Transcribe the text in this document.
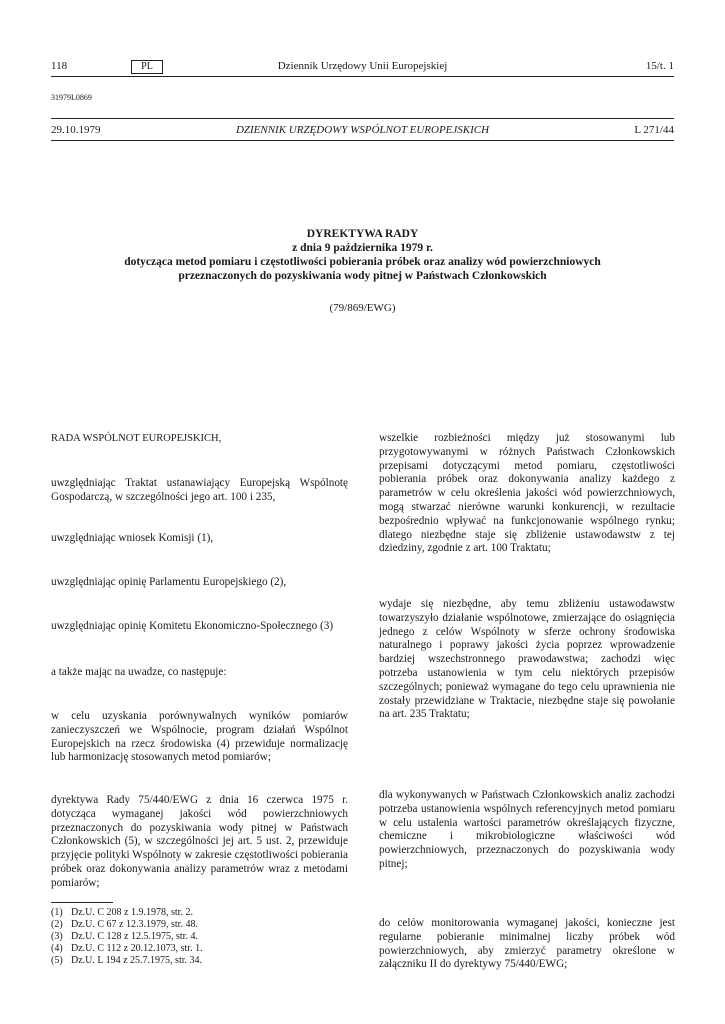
118	PL	Dziennik Urzędowy Unii Europejskiej	15/t. 1
31979L0869
29.10.1979	DZIENNIK URZĘDOWY WSPÓLNOT EUROPEJSKICH	L 271/44
DYREKTYWA RADY
z dnia 9 października 1979 r.
dotycząca metod pomiaru i częstotliwości pobierania próbek oraz analizy wód powierzchniowych
przeznaczonych do pozyskiwania wody pitnej w Państwach Członkowskich
(79/869/EWG)
RADA WSPÓLNOT EUROPEJSKICH,
uwzględniając Traktat ustanawiający Europejską Wspólnotę Gospodarczą, w szczególności jego art. 100 i 235,
uwzględniając wniosek Komisji (1),
uwzględniając opinię Parlamentu Europejskiego (2),
uwzględniając opinię Komitetu Ekonomiczno-Społecznego (3)
a także mając na uwadze, co następuje:
w celu uzyskania porównywalnych wyników pomiarów zanieczyszczeń we Wspólnocie, program działań Wspólnot Europejskich na rzecz środowiska (4) przewiduje normalizację lub harmonizację stosowanych metod pomiarów;
dyrektywa Rady 75/440/EWG z dnia 16 czerwca 1975 r. dotycząca wymaganej jakości wód powierzchniowych przeznaczonych do pozyskiwania wody pitnej w Państwach Członkowskich (5), w szczególności jej art. 5 ust. 2, przewiduje przyjęcie polityki Wspólnoty w zakresie częstotliwości pobierania próbek oraz dokonywania analizy parametrów wraz z metodami pomiarów;
wszelkie rozbieżności między już stosowanymi lub przygotowywanymi w różnych Państwach Członkowskich przepisami dotyczącymi metod pomiaru, częstotliwości pobierania próbek oraz dokonywania analizy każdego z parametrów w celu określenia jakości wód powierzchniowych, mogą stwarzać nierówne warunki konkurencji, w rezultacie bezpośrednio wpływać na funkcjonowanie wspólnego rynku; dlatego niezbędne staje się zbliżenie ustawodawstw z tej dziedziny, zgodnie z art. 100 Traktatu;
wydaje się niezbędne, aby temu zbliżeniu ustawodawstw towarzyszyło działanie wspólnotowe, zmierzające do osiągnięcia jednego z celów Wspólnoty w sferze ochrony środowiska naturalnego i poprawy jakości życia poprzez wprowadzenie bardziej wszechstronnego prawodawstwa; zachodzi więc potrzeba ustanowienia w tym celu niektórych przepisów szczególnych; ponieważ wymagane do tego celu uprawnienia nie zostały przewidziane w Traktacie, niezbędne staje się powołanie na art. 235 Traktatu;
dla wykonywanych w Państwach Członkowskich analiz zachodzi potrzeba ustanowienia wspólnych referencyjnych metod pomiaru w celu ustalenia wartości parametrów określających fizyczne, chemiczne i mikrobiologiczne właściwości wód powierzchniowych, przeznaczonych do pozyskiwania wody pitnej;
do celów monitorowania wymaganej jakości, konieczne jest regularne pobieranie minimalnej liczby próbek wód powierzchniowych, aby zmierzyć parametry określone w załączniku II do dyrektywy 75/440/EWG;
(1) Dz.U. C 208 z 1.9.1978, str. 2.
(2) Dz.U. C 67 z 12.3.1979, str. 48.
(3) Dz.U. C 128 z 12.5.1975, str. 4.
(4) Dz.U. C 112 z 20.12.1073, str. 1.
(5) Dz.U. L 194 z 25.7.1975, str. 34.
